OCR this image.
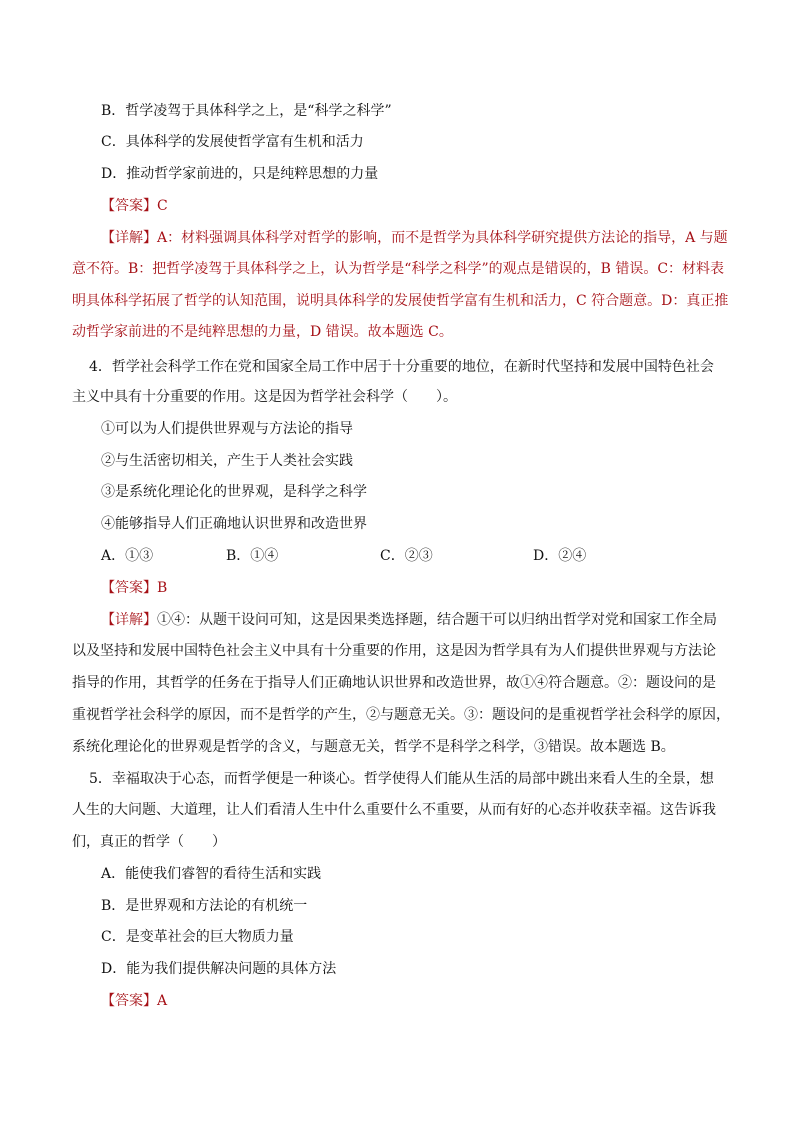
B．哲学凌驾于具体科学之上，是“科学之科学”
C．具体科学的发展使哲学富有生机和活力
D．推动哲学家前进的，只是纯粹思想的力量
【答案】C
【详解】A：材料强调具体科学对哲学的影响，而不是哲学为具体科学研究提供方法论的指导，A 与题
意不符。B：把哲学凌驾于具体科学之上，认为哲学是“科学之科学”的观点是错误的，B 错误。C：材料表
明具体科学拓展了哲学的认知范围，说明具体科学的发展使哲学富有生机和活力，C 符合题意。D：真正推
动哲学家前进的不是纯粹思想的力量，D 错误。故本题选 C。
4．哲学社会科学工作在党和国家全局工作中居于十分重要的地位，在新时代坚持和发展中国特色社会
主义中具有十分重要的作用。这是因为哲学社会科学（　　）。
①可以为人们提供世界观与方法论的指导
②与生活密切相关，产生于人类社会实践
③是系统化理论化的世界观，是科学之科学
④能够指导人们正确地认识世界和改造世界
A．①③	B．①④	C．②③	D．②④
【答案】B
【详解】①④：从题干设问可知，这是因果类选择题，结合题干可以归纳出哲学对党和国家工作全局
以及坚持和发展中国特色社会主义中具有十分重要的作用，这是因为哲学具有为人们提供世界观与方法论
指导的作用，其哲学的任务在于指导人们正确地认识世界和改造世界，故①④符合题意。②：题设问的是
重视哲学社会科学的原因，而不是哲学的产生，②与题意无关。③：题设问的是重视哲学社会科学的原因，
系统化理论化的世界观是哲学的含义，与题意无关，哲学不是科学之科学，③错误。故本题选 B。
5．幸福取决于心态，而哲学便是一种谈心。哲学使得人们能从生活的局部中跳出来看人生的全景，想
人生的大问题、大道理，让人们看清人生中什么重要什么不重要，从而有好的心态并收获幸福。这告诉我
们，真正的哲学（　　）
A．能使我们睿智的看待生活和实践
B．是世界观和方法论的有机统一
C．是变革社会的巨大物质力量
D．能为我们提供解决问题的具体方法
【答案】A
